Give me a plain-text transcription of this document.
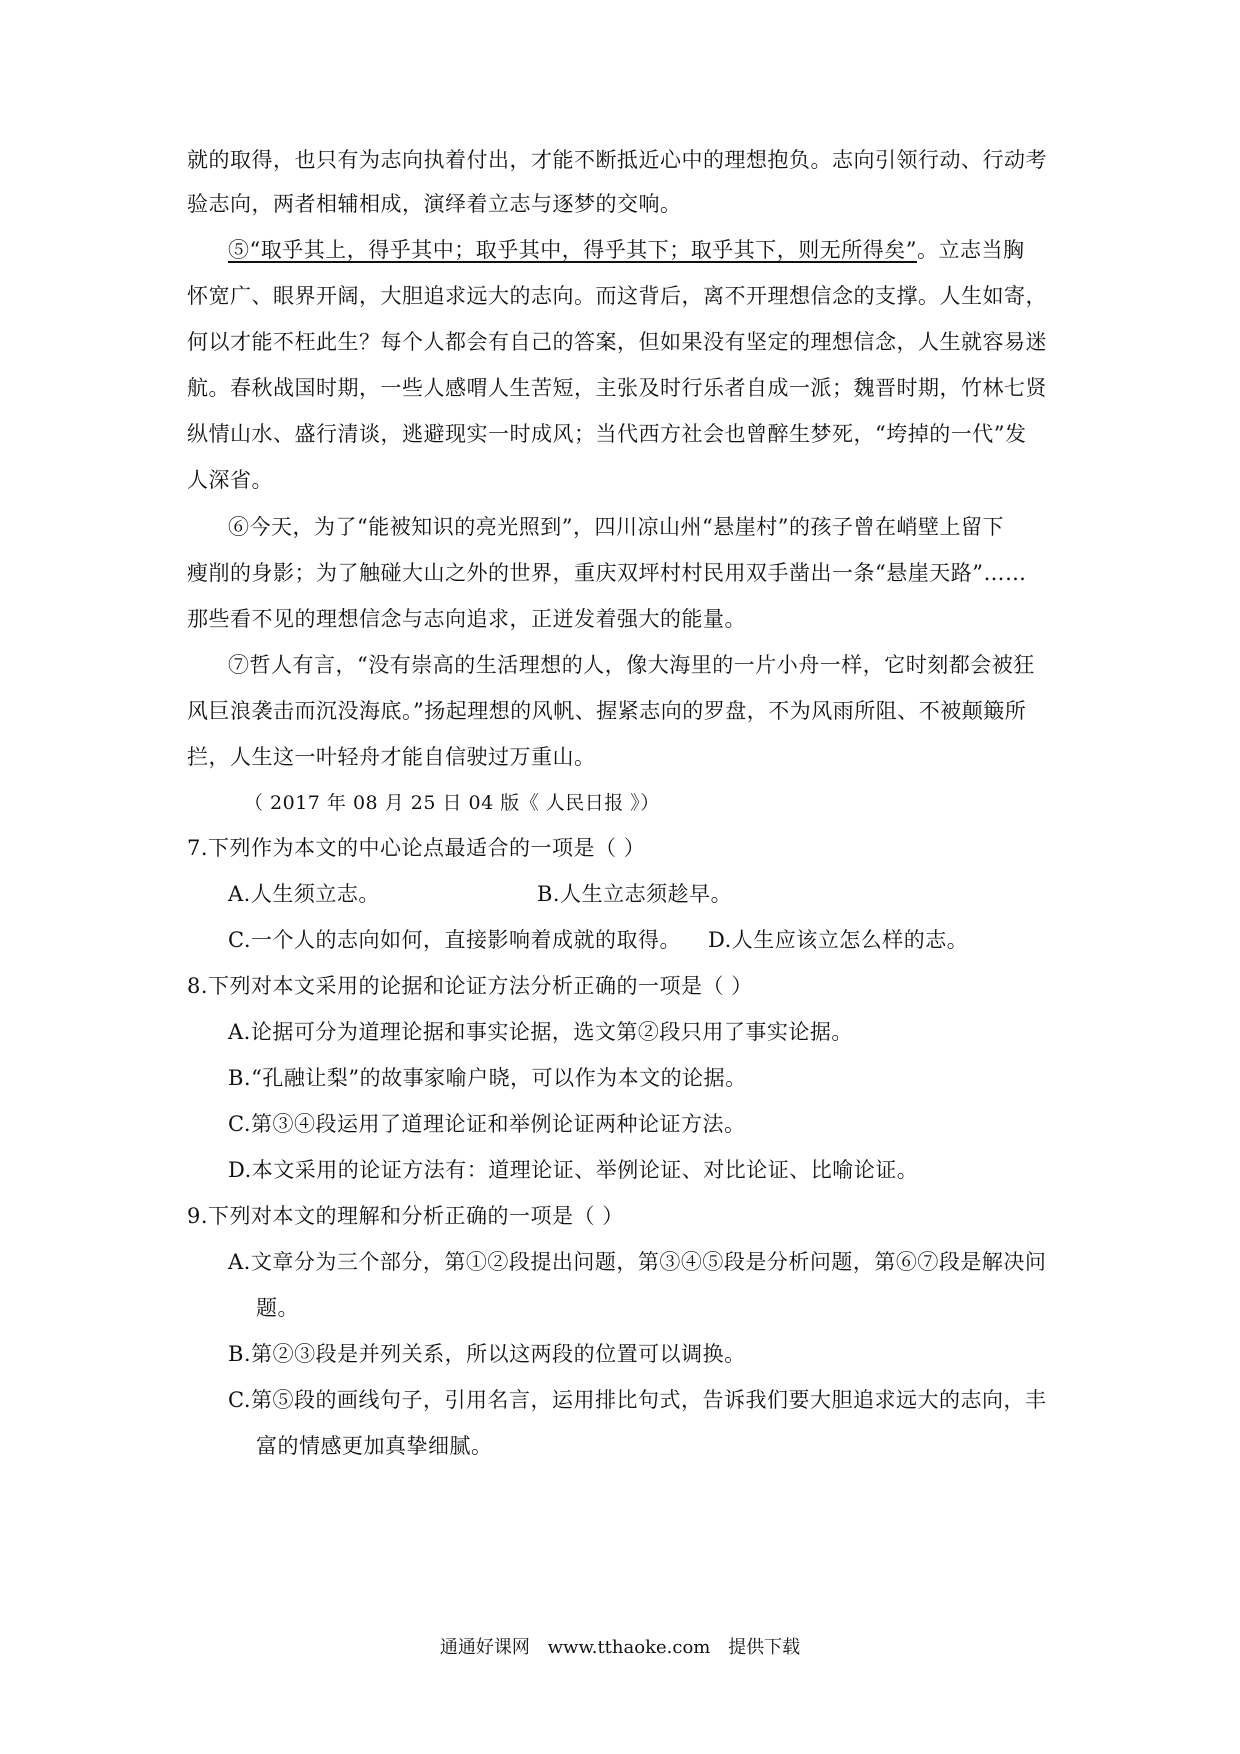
就的取得，也只有为志向执着付出，才能不断抵近心中的理想抱负。志向引领行动、行动考
验志向，两者相辅相成，演绎着立志与逐梦的交响。
⑤“取乎其上，得乎其中；取乎其中，得乎其下；取乎其下，则无所得矣”。立志当胸
怀宽广、眼界开阔，大胆追求远大的志向。而这背后，离不开理想信念的支撑。人生如寄，
何以才能不枉此生？每个人都会有自己的答案，但如果没有坚定的理想信念，人生就容易迷
航。春秋战国时期，一些人感喟人生苦短，主张及时行乐者自成一派；魏晋时期，竹林七贤
纵情山水、盛行清谈，逃避现实一时成风；当代西方社会也曾醉生梦死，“垮掉的一代”发
人深省。
⑥今天，为了“能被知识的亮光照到”，四川凉山州“悬崖村”的孩子曾在峭壁上留下
瘦削的身影；为了触碰大山之外的世界，重庆双坪村村民用双手凿出一条“悬崖天路”……
那些看不见的理想信念与志向追求，正迸发着强大的能量。
⑦哲人有言，“没有崇高的生活理想的人，像大海里的一片小舟一样，它时刻都会被狂
风巨浪袭击而沉没海底。”扬起理想的风帆、握紧志向的罗盘，不为风雨所阻、不被颠簸所
拦，人生这一叶轻舟才能自信驶过万重山。
（ 2017 年 08 月 25 日 04 版《 人民日报 》）
7.下列作为本文的中心论点最适合的一项是（ ）
A.人生须立志。	B.人生立志须趁早。
C.一个人的志向如何，直接影响着成就的取得。 D.人生应该立怎么样的志。
8.下列对本文采用的论据和论证方法分析正确的一项是（ ）
A.论据可分为道理论据和事实论据，选文第②段只用了事实论据。
B.“孔融让梨”的故事家喻户晓，可以作为本文的论据。
C.第③④段运用了道理论证和举例论证两种论证方法。
D.本文采用的论证方法有：道理论证、举例论证、对比论证、比喻论证。
9.下列对本文的理解和分析正确的一项是（ ）
A.文章分为三个部分，第①②段提出问题，第③④⑤段是分析问题，第⑥⑦段是解决问
题。
B.第②③段是并列关系，所以这两段的位置可以调换。
C.第⑤段的画线句子，引用名言，运用排比句式，告诉我们要大胆追求远大的志向，丰
富的情感更加真挚细腻。
通通好课网 www.tthaoke.com 提供下载
